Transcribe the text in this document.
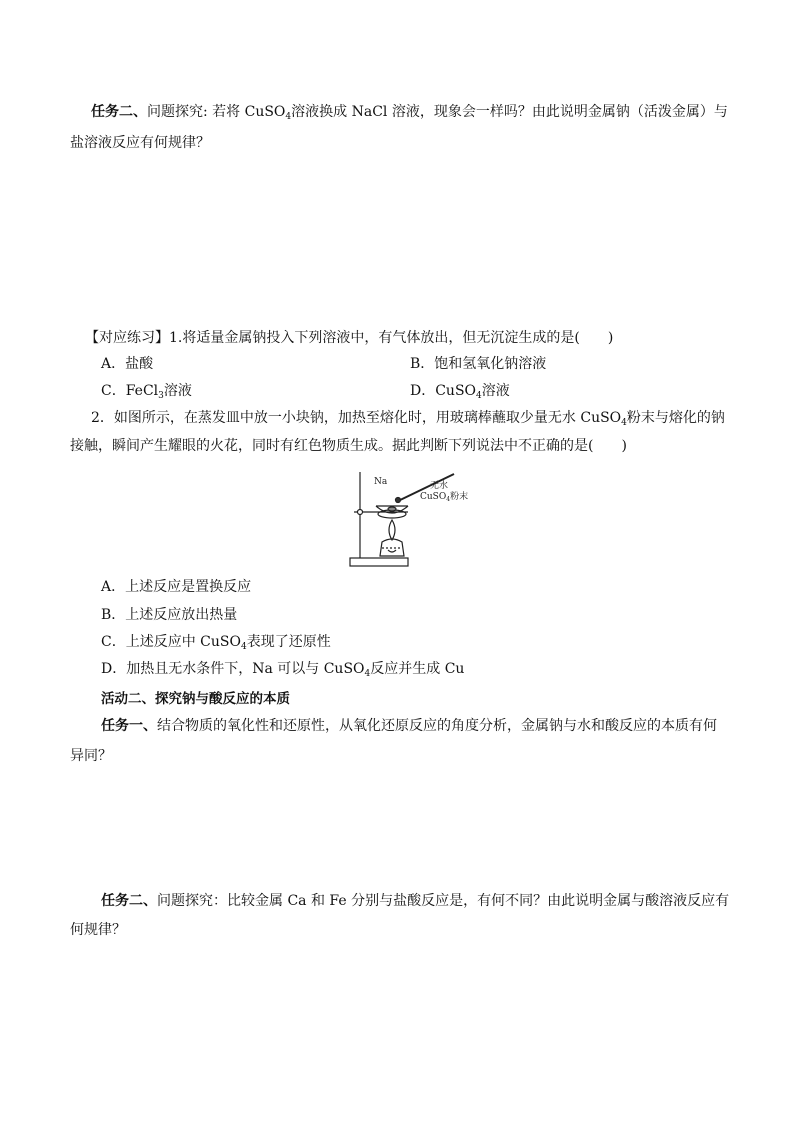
任务二、问题探究: 若将 CuSO$_4$溶液换成 NaCl 溶液，现象会一样吗？由此说明金属钠（活泼金属）与
盐溶液反应有何规律？
【对应练习】1.将适量金属钠投入下列溶液中，有气体放出，但无沉淀生成的是(　　)
A．盐酸	B．饱和氢氧化钠溶液
C．FeCl$_3$溶液	D．CuSO$_4$溶液
2．如图所示，在蒸发皿中放一小块钠，加热至熔化时，用玻璃棒蘸取少量无水 CuSO$_4$粉末与熔化的钠
接触，瞬间产生耀眼的火花，同时有红色物质生成。据此判断下列说法中不正确的是(　　)
Na	无水
CuSO$_4$粉末
A．上述反应是置换反应
B．上述反应放出热量
C．上述反应中 CuSO$_4$表现了还原性
D．加热且无水条件下，Na 可以与 CuSO$_4$反应并生成 Cu
活动二、探究钠与酸反应的本质
任务一、结合物质的氧化性和还原性，从氧化还原反应的角度分析，金属钠与水和酸反应的本质有何
异同？
任务二、问题探究：比较金属 Ca 和 Fe 分别与盐酸反应是，有何不同？由此说明金属与酸溶液反应有
何规律？
